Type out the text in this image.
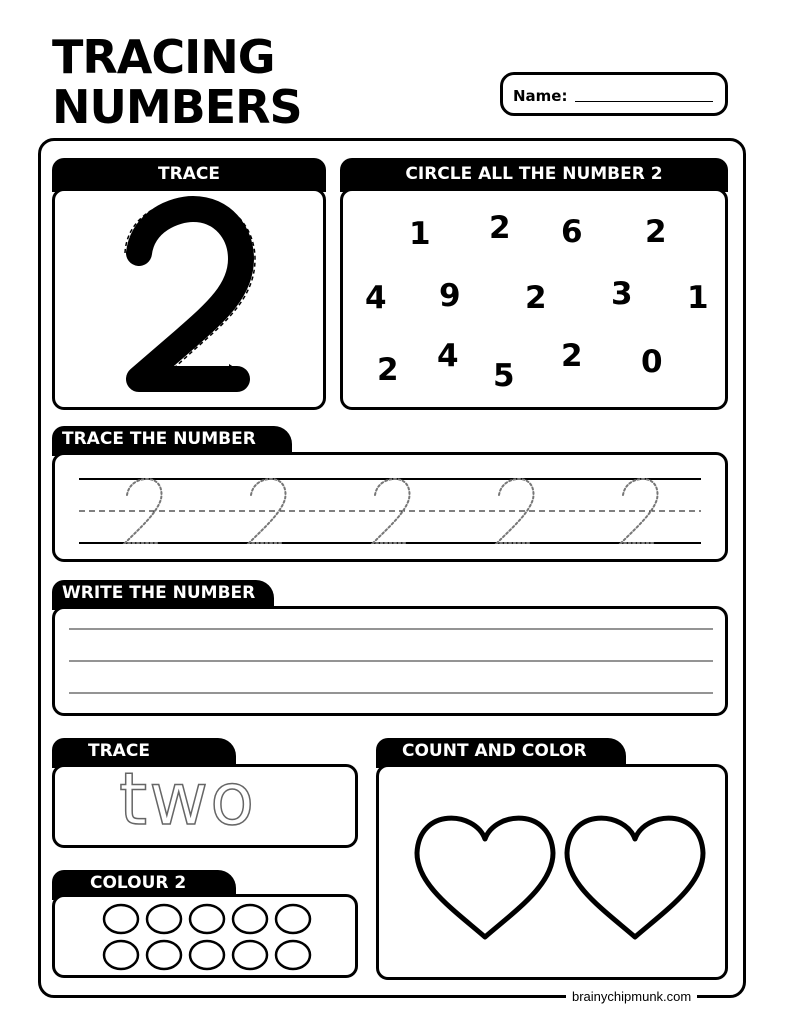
TRACING
NUMBERS	Name:
TRACE	CIRCLE ALL THE NUMBER 2
1 2 6 2
4 9 2 3 1
2 4
5
2 0
TRACE THE NUMBER
WRITE THE NUMBER
TRACE
two
COLOUR 2
COUNT AND COLOR
brainychipmunk.com
